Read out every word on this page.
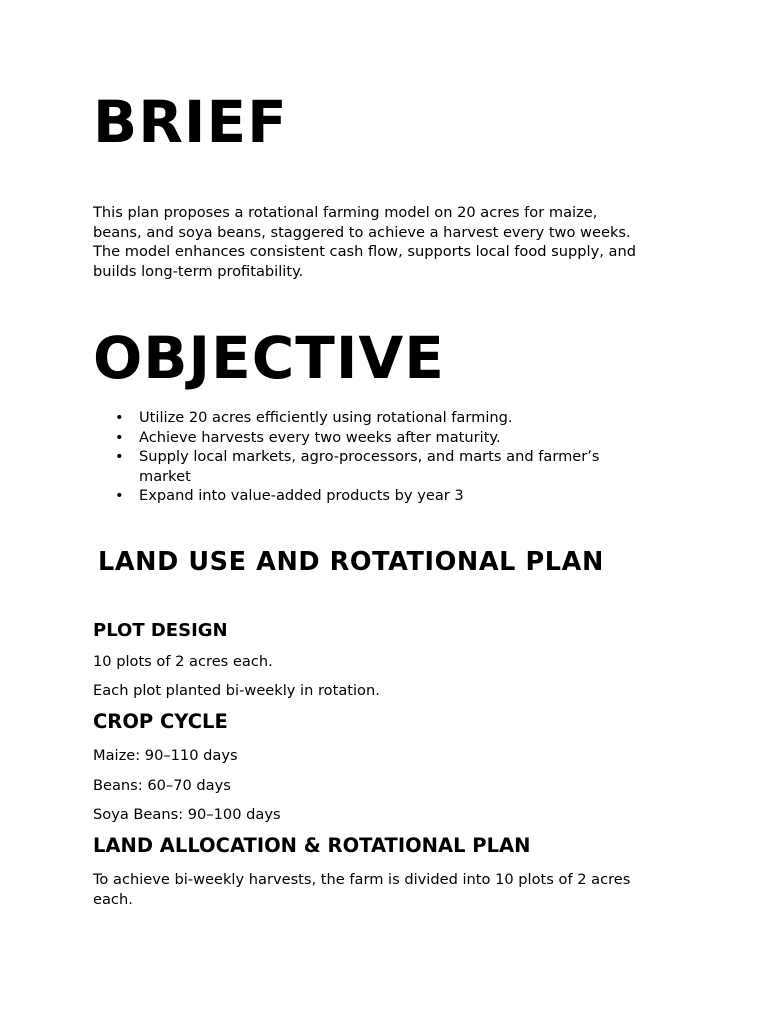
BRIEF
This plan proposes a rotational farming model on 20 acres for maize,
beans, and soya beans, staggered to achieve a harvest every two weeks.
The model enhances consistent cash flow, supports local food supply, and
builds long-term profitability.
OBJECTIVE
• Utilize 20 acres efficiently using rotational farming.
• Achieve harvests every two weeks after maturity.
• Supply local markets, agro-processors, and marts and farmer’s
market
• Expand into value-added products by year 3
LAND USE AND ROTATIONAL PLAN
PLOT DESIGN

10 plots of 2 acres each.

Each plot planted bi-weekly in rotation.

CROP CYCLE

Maize: 90–110 days

Beans: 60–70 days

Soya Beans: 90–100 days

LAND ALLOCATION & ROTATIONAL PLAN
To achieve bi-weekly harvests, the farm is divided into 10 plots of 2 acres
each.
